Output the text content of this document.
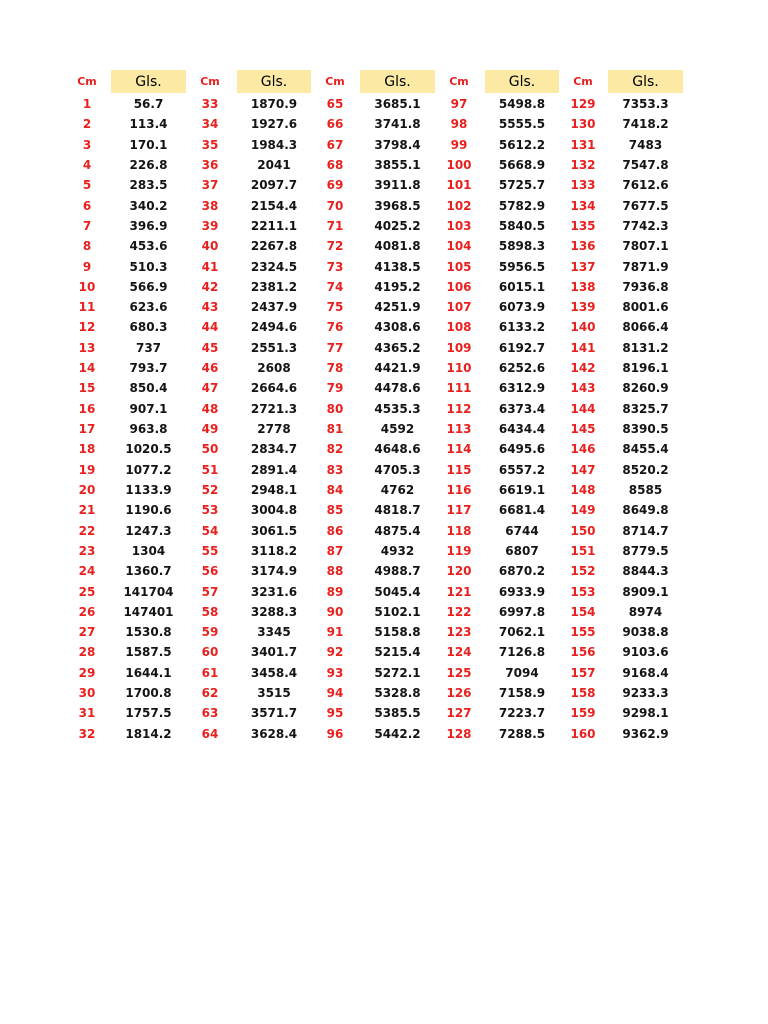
Cm	Gls.
1	56.7
2	113.4
3	170.1
4	226.8
5	283.5
6	340.2
7	396.9
8	453.6
9	510.3
10	566.9
11	623.6
12	680.3
13	737
14	793.7
15	850.4
16	907.1
17	963.8
18	1020.5
19	1077.2
20	1133.9
21	1190.6
22	1247.3
23	1304
24	1360.7
25	141704
26	147401
27	1530.8
28	1587.5
29	1644.1
30	1700.8
31	1757.5
32	1814.2
Cm	Gls.
33	1870.9
34	1927.6
35	1984.3
36	2041
37	2097.7
38	2154.4
39	2211.1
40	2267.8
41	2324.5
42	2381.2
43	2437.9
44	2494.6
45	2551.3
46	2608
47	2664.6
48	2721.3
49	2778
50	2834.7
51	2891.4
52	2948.1
53	3004.8
54	3061.5
55	3118.2
56	3174.9
57	3231.6
58	3288.3
59	3345
60	3401.7
61	3458.4
62	3515
63	3571.7
64	3628.4
Cm	Gls.
65	3685.1
66	3741.8
67	3798.4
68	3855.1
69	3911.8
70	3968.5
71	4025.2
72	4081.8
73	4138.5
74	4195.2
75	4251.9
76	4308.6
77	4365.2
78	4421.9
79	4478.6
80	4535.3
81	4592
82	4648.6
83	4705.3
84	4762
85	4818.7
86	4875.4
87	4932
88	4988.7
89	5045.4
90	5102.1
91	5158.8
92	5215.4
93	5272.1
94	5328.8
95	5385.5
96	5442.2
Cm	Gls.
97	5498.8
98	5555.5
99	5612.2
100	5668.9
101	5725.7
102	5782.9
103	5840.5
104	5898.3
105	5956.5
106	6015.1
107	6073.9
108	6133.2
109	6192.7
110	6252.6
111	6312.9
112	6373.4
113	6434.4
114	6495.6
115	6557.2
116	6619.1
117	6681.4
118	6744
119	6807
120	6870.2
121	6933.9
122	6997.8
123	7062.1
124	7126.8
125	7094
126	7158.9
127	7223.7
128	7288.5
Cm	Gls.
129	7353.3
130	7418.2
131	7483
132	7547.8
133	7612.6
134	7677.5
135	7742.3
136	7807.1
137	7871.9
138	7936.8
139	8001.6
140	8066.4
141	8131.2
142	8196.1
143	8260.9
144	8325.7
145	8390.5
146	8455.4
147	8520.2
148	8585
149	8649.8
150	8714.7
151	8779.5
152	8844.3
153	8909.1
154	8974
155	9038.8
156	9103.6
157	9168.4
158	9233.3
159	9298.1
160	9362.9
